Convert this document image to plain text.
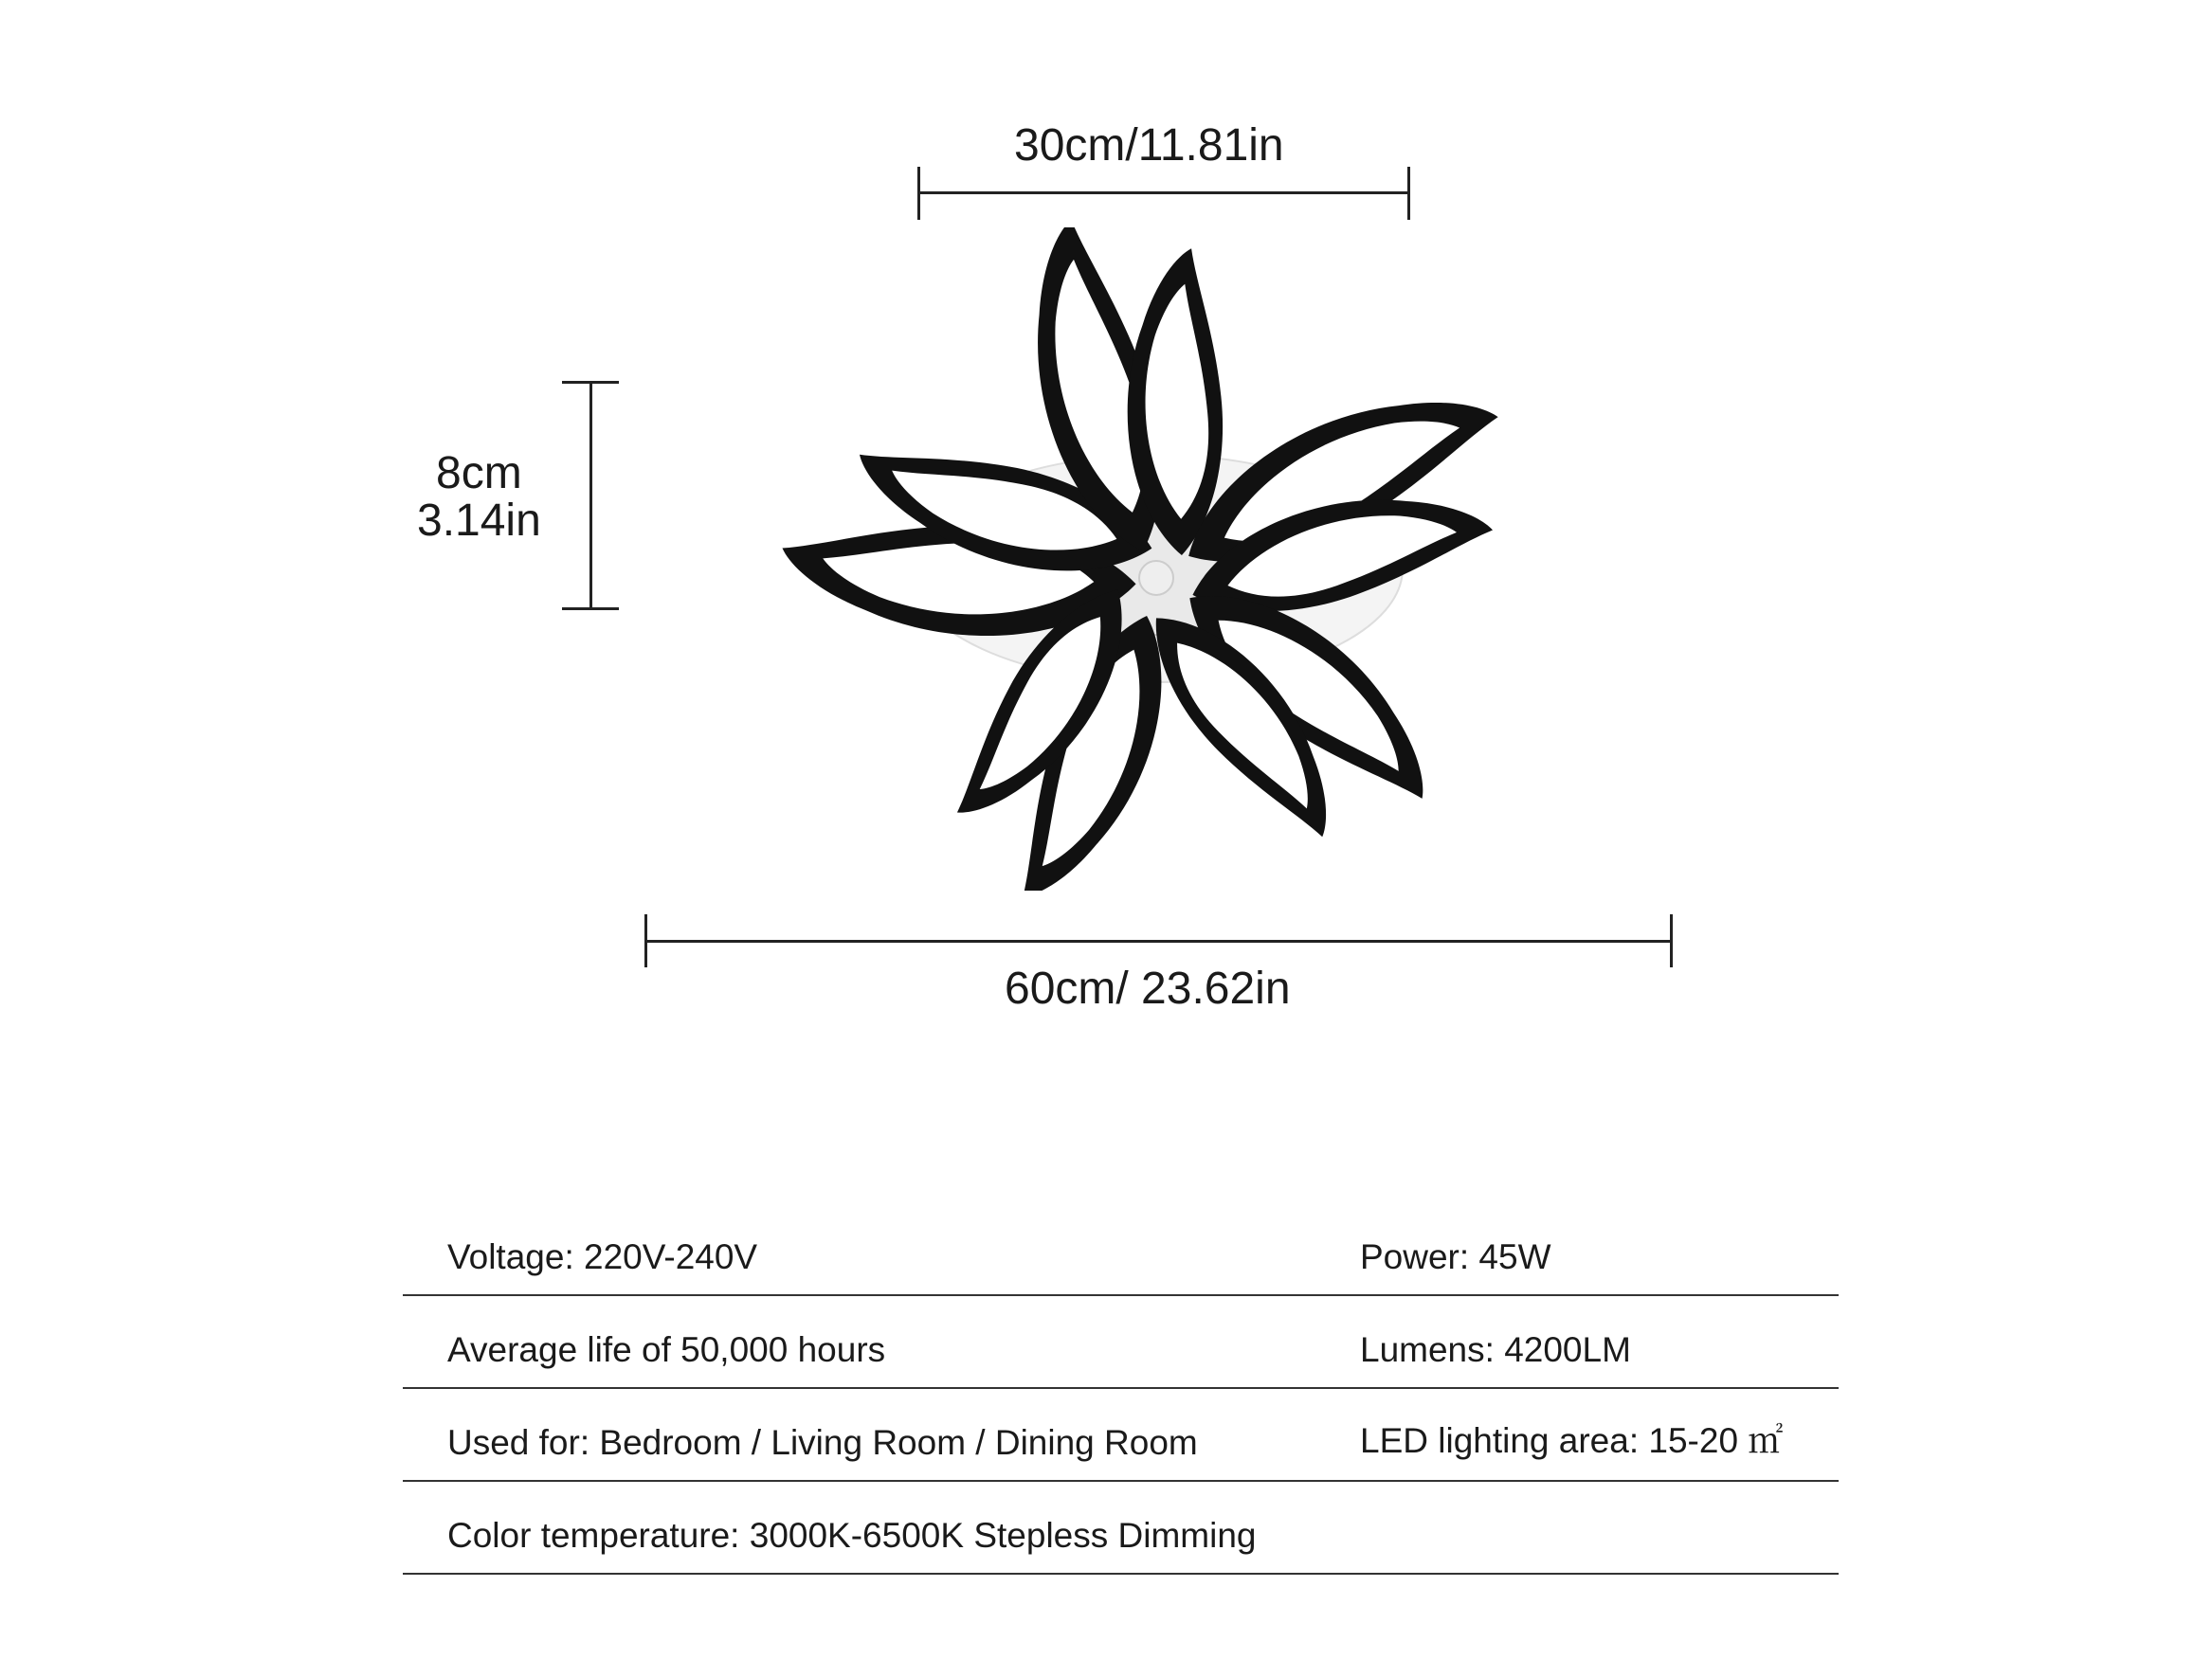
30cm/11.81in
8cm
3.14in
60cm/ 23.62in
Voltage: 220V-240V	Power: 45W
Average life of 50,000 hours	Lumens: 4200LM
Used for: Bedroom / Living Room / Dining Room	LED lighting area: 15-20 ㎡
Color temperature: 3000K-6500K Stepless Dimming
